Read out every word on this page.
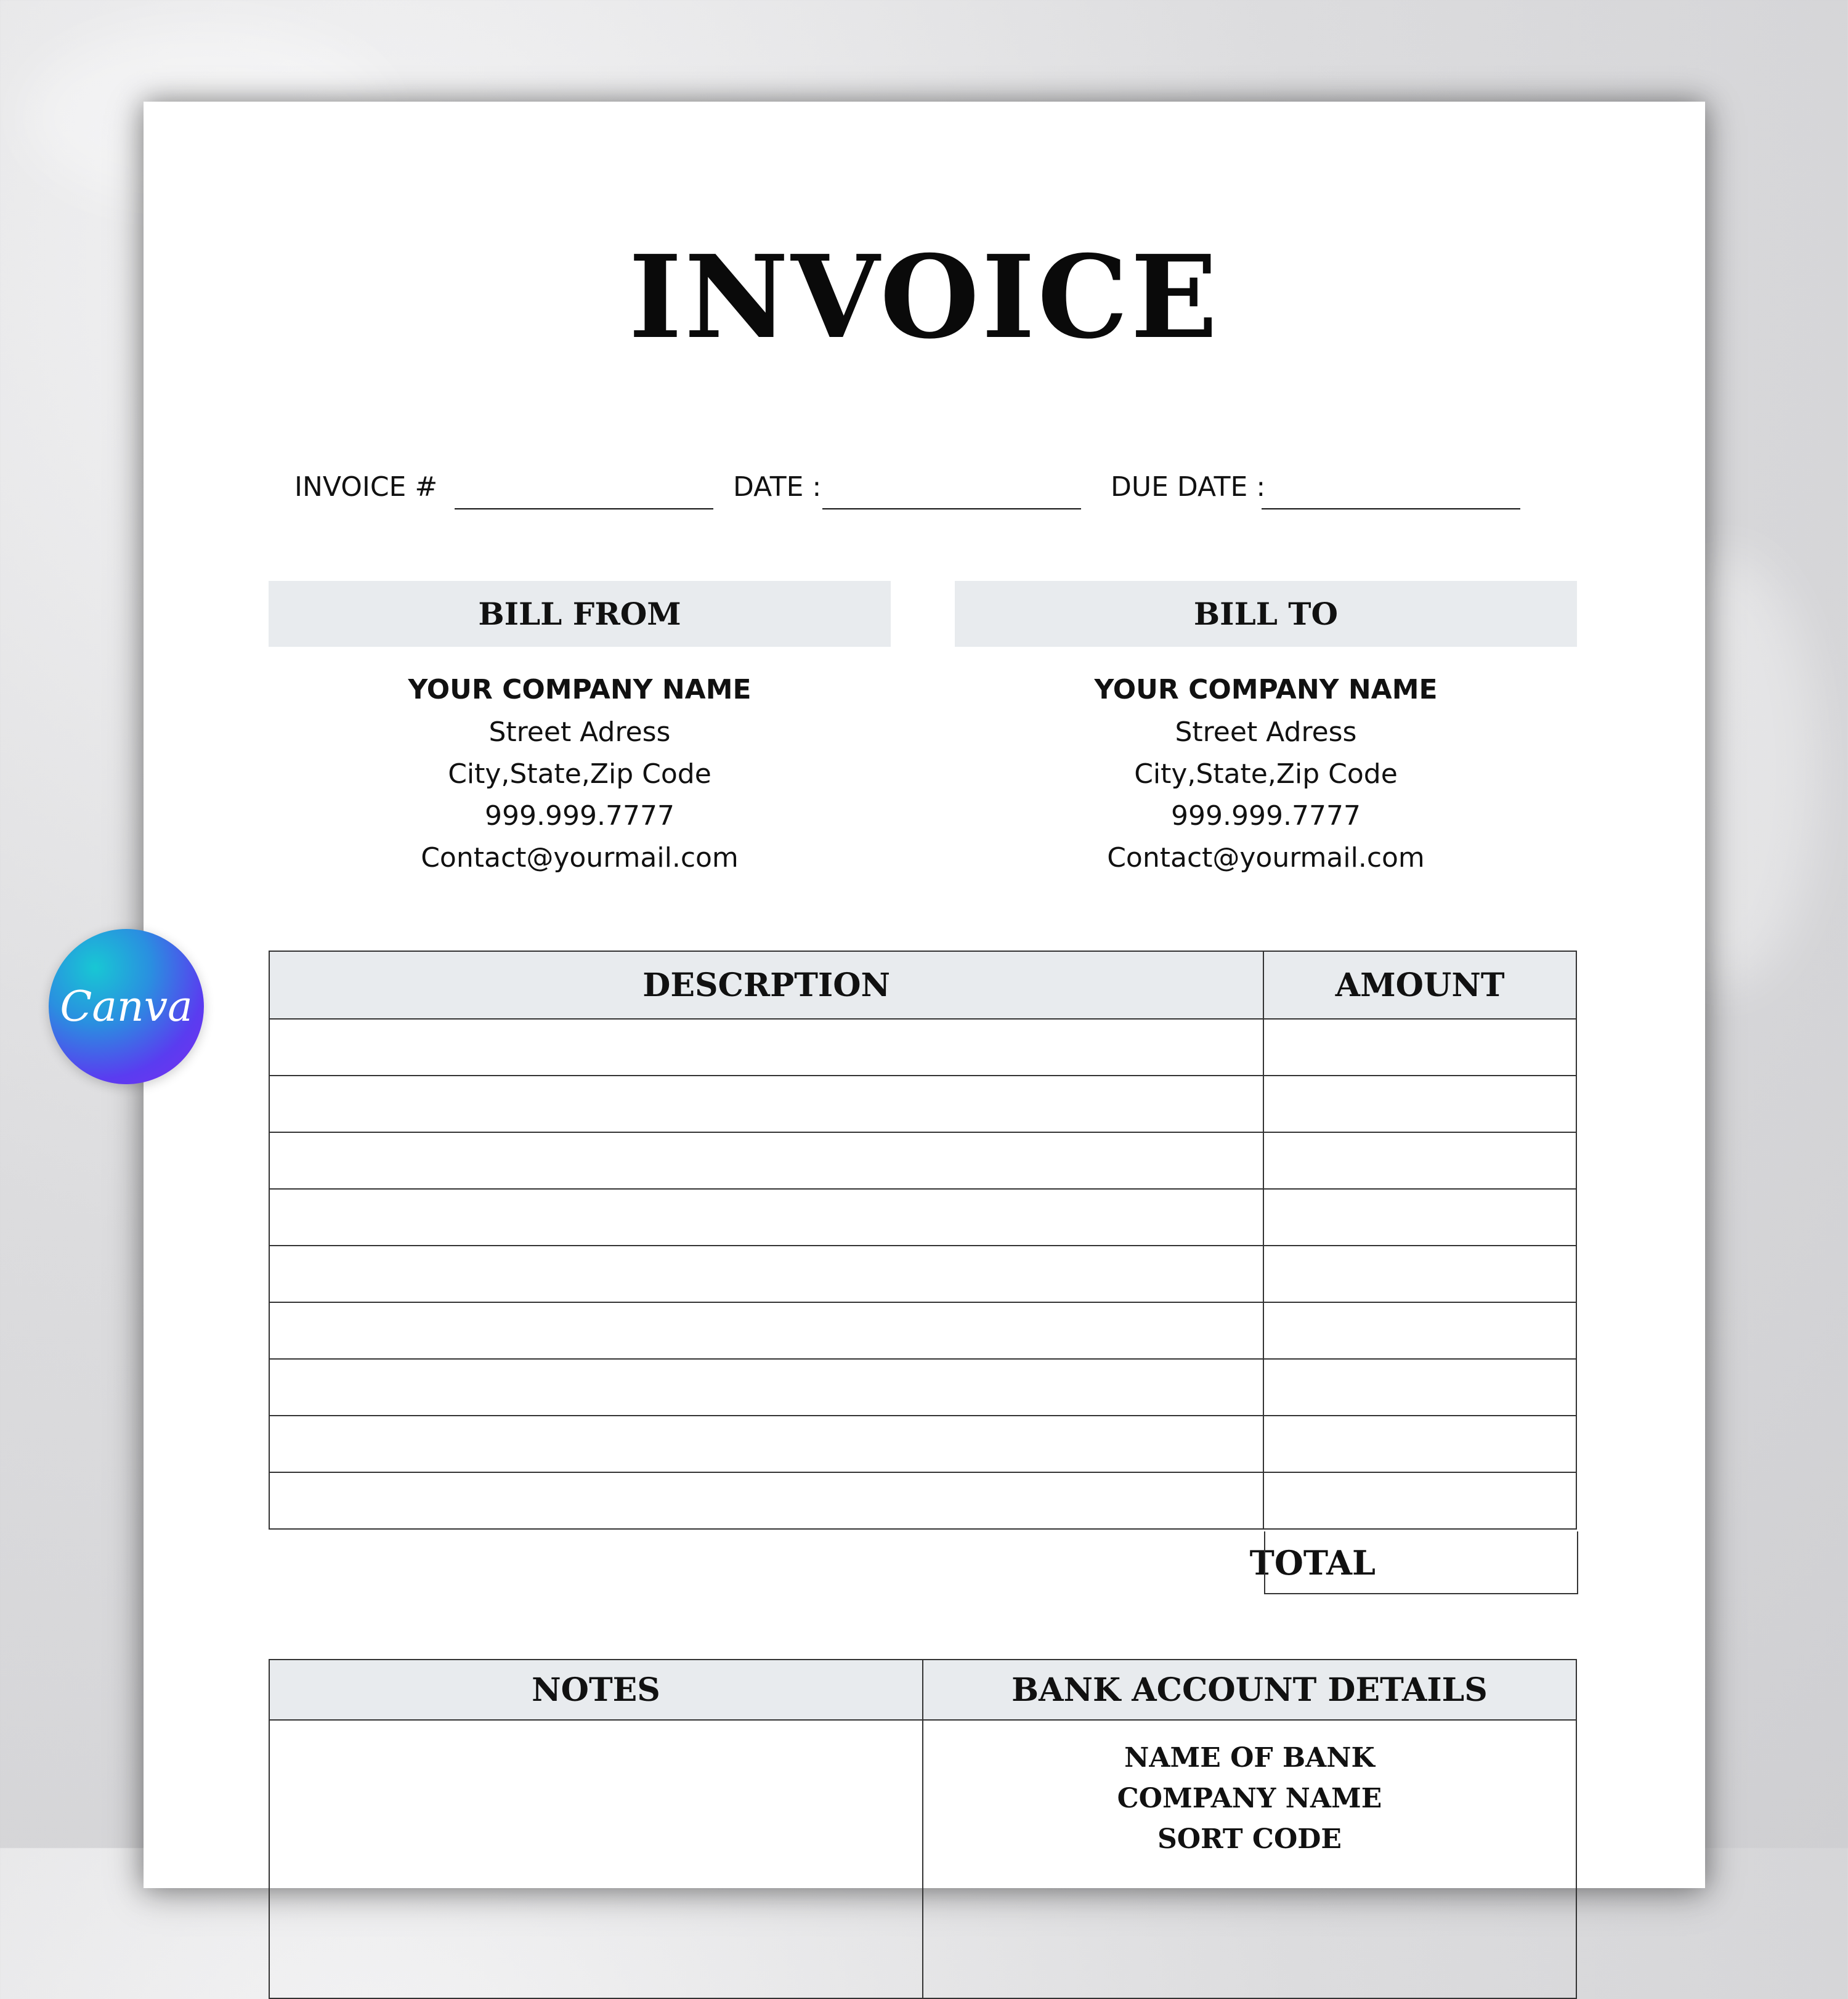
INVOICE
INVOICE #	DATE :	DUE DATE :
BILL FROM	BILL TO
YOUR COMPANY NAME
Street Adress
City,State,Zip Code
999.999.7777
Contact@yourmail.com
YOUR COMPANY NAME
Street Adress
City,State,Zip Code
999.999.7777
Contact@yourmail.com
DESCRPTION	AMOUNT

TOTAL
NOTES	BANK ACCOUNT DETAILS

	NAME OF BANK
COMPANY NAME
SORT CODE
Canva
